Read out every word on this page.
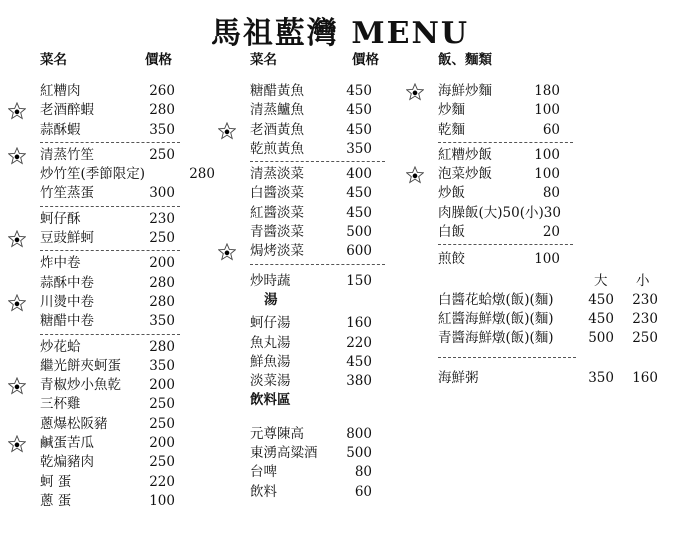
馬祖藍灣 MENU
菜名	價格
紅糟肉	260
老酒醉蝦	280
蒜酥蝦	350
清蒸竹笙	250
炒竹笙(季節限定)	280
竹笙蒸蛋	300
蚵仔酥	230
豆豉鮮蚵	250
炸中卷	200
蒜酥中卷	280
川燙中卷	280
糖醋中卷	350
炒花蛤	280
繼光餅夾蚵蛋	350
青椒炒小魚乾	200
三杯雞	250
蔥爆松阪豬	250
鹹蛋苦瓜	200
乾煸豬肉	250
蚵 蛋	220
蔥 蛋	100
菜名	價格
糖醋黃魚	450
清蒸鱸魚	450
老酒黃魚	450
乾煎黃魚	350
清蒸淡菜	400
白醬淡菜	450
紅醬淡菜	450
青醬淡菜	500
焗烤淡菜	600
炒時蔬	150
湯
蚵仔湯	160
魚丸湯	220
鮮魚湯	450
淡菜湯	380
飲料區
元尊陳高	800
東湧高粱酒	500
台啤	80
飲料	60
飯、麵類
海鮮炒麵	180
炒麵	100
乾麵	60
紅糟炒飯	100
泡菜炒飯	100
炒飯	80
肉臊飯(大)50(小)30
白飯	20
煎餃	100
大 小
白醬花蛤燉(飯)(麵)	450	230
紅醬海鮮燉(飯)(麵)	450	230
青醬海鮮燉(飯)(麵)	500	250
海鮮粥	350	160
